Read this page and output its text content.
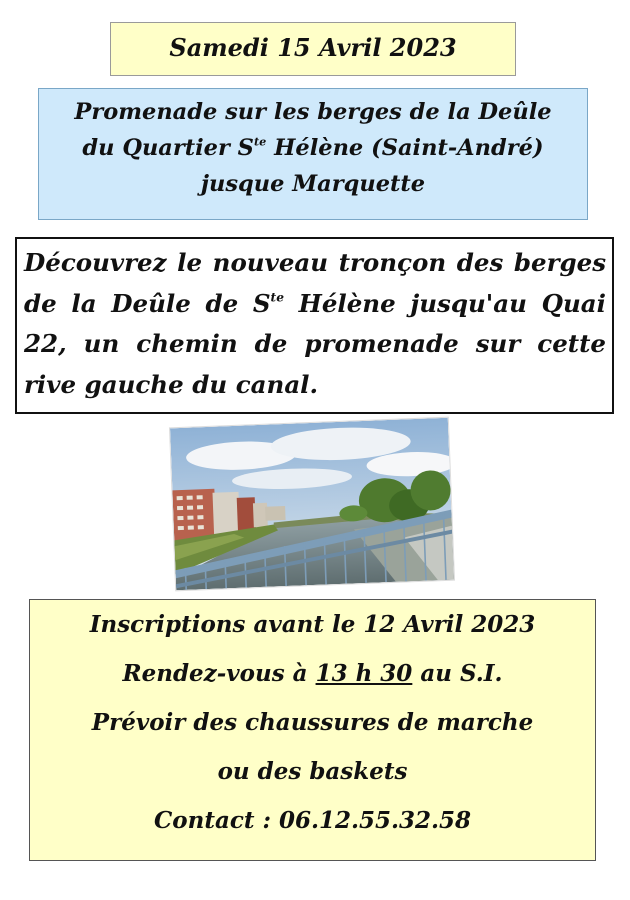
Samedi 15 Avril 2023
Promenade sur les berges de la Deûle
du Quartier $S^{te}$ Hélène (Saint-André)
jusque Marquette
Découvrez le nouveau tronçon des berges de la Deûle de $S^{te}$ Hélène jusqu'au Quai 22, un chemin de promenade sur cette rive gauche du canal.
Inscriptions avant le 12 Avril 2023
Rendez-vous à 13 h 30 au S.I.
Prévoir des chaussures de marche
ou des baskets
Contact : 06.12.55.32.58
